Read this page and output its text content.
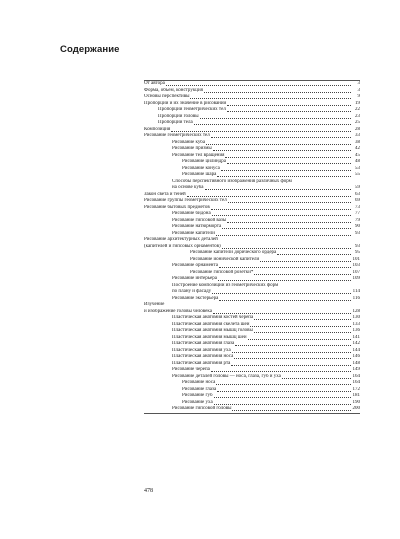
Содержание
От автора	3
Форма, объем, конструкция	3
Основы перспективы	9
Пропорции и их значение в рисовании	19
Пропорции геометрических тел	22
Пропорции головы	23
Пропорции тела	25
Композиция	28
Рисование геометрических тел	33
Рисование куба	38
Рисование призмы	42
Рисование тел вращения	45
Рисование цилиндра	48
Рисование конуса	53
Рисование шара	55
Способы перспективного изображения различных форм
на основе куба	59
Закон света и теней	63
Рисование группы геометрических тел	69
Рисование бытовых предметов	73
Рисование бидона	77
Рисование гипсовой вазы	79
Рисование натюрморта	90
Рисование капители	93
Рисование архитектурных деталей
(капителей и гипсовых орнаментов)	93
Рисование капители дорического ордера	95
Рисование ионической капители	101
Рисование орнамента	103
Рисование гипсовой розетки*	107
Рисование интерьера	109
Построение композиции из геометрических форм
по плану и фасаду	114
Рисование экстерьера	116
Изучение
и изображение головы человека	128
Пластическая анатомия костей черепа	130
Пластическая анатомия скелета шеи	133
Пластическая анатомия мышц головы	136
Пластическая анатомия мышц шеи	141
Пластическая анатомия глаза	142
Пластическая анатомия уха	144
Пластическая анатомия носа	146
Пластическая анатомия рта	148
Рисование черепа	149
Рисование деталей головы — носа, глаза, губ и уха	164
Рисование носа	164
Рисование глаза	172
Рисование губ	181
Рисование уха	190
Рисование гипсовой головы	200
478
